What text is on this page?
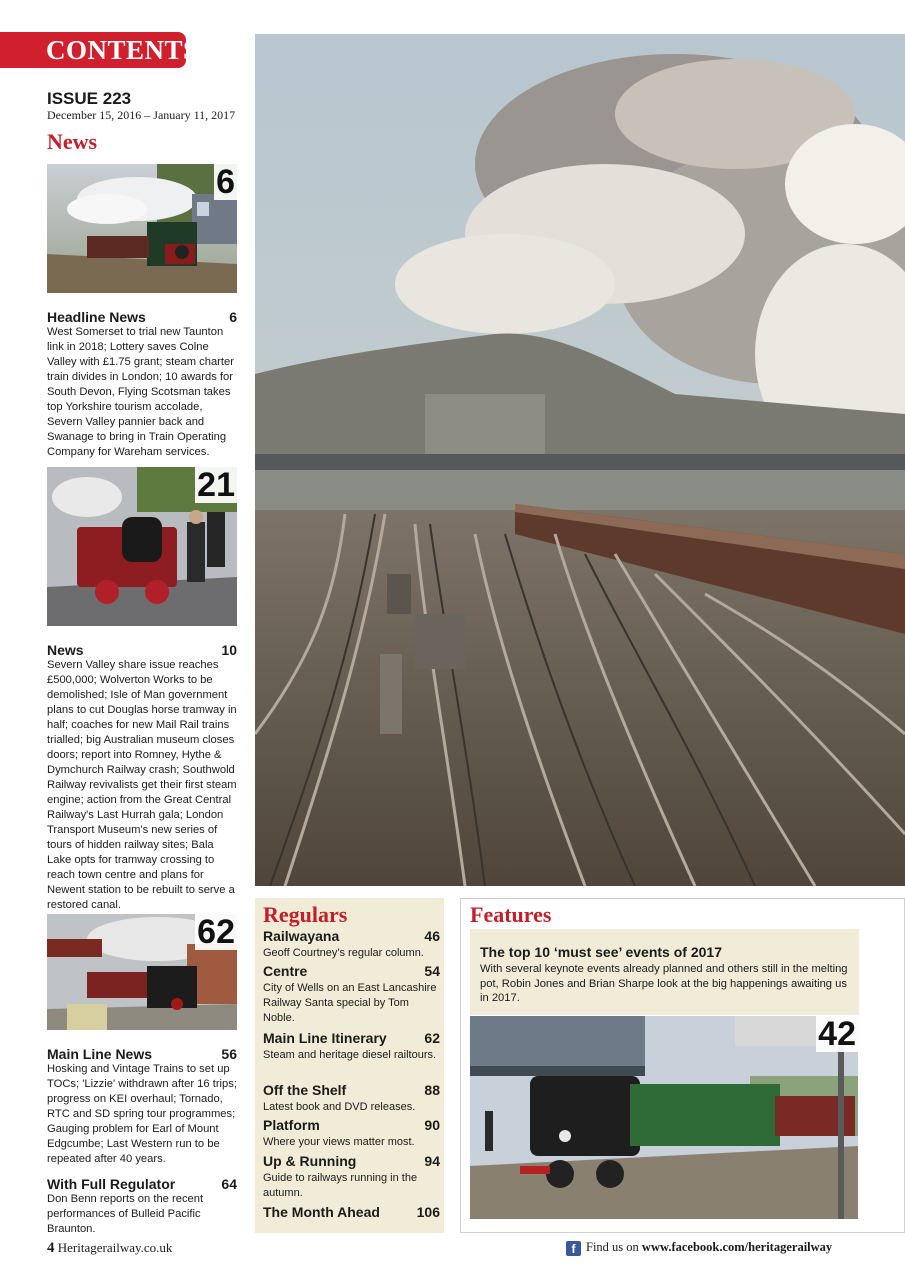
CONTENTS
ISSUE 223
December 15, 2016 – January 11, 2017
News
6
Headline News	6
West Somerset to trial new Taunton link in 2018; Lottery saves Colne Valley with £1.75 grant; steam charter train divides in London; 10 awards for South Devon, Flying Scotsman takes top Yorkshire tourism accolade, Severn Valley pannier back and Swanage to bring in Train Operating Company for Wareham services.
21
News	10
Severn Valley share issue reaches £500,000; Wolverton Works to be demolished; Isle of Man government plans to cut Douglas horse tramway in half; coaches for new Mail Rail trains trialled; big Australian museum closes doors; report into Romney, Hythe & Dymchurch Railway crash; Southwold Railway revivalists get their first steam engine; action from the Great Central Railway's Last Hurrah gala; London Transport Museum's new series of tours of hidden railway sites; Bala Lake opts for tramway crossing to reach town centre and plans for Newent station to be rebuilt to serve a restored canal.
62
Main Line News	56
Hosking and Vintage Trains to set up TOCs; 'Lizzie' withdrawn after 16 trips; progress on KEI overhaul; Tornado, RTC and SD spring tour programmes; Gauging problem for Earl of Mount Edgcumbe; Last Western run to be repeated after 40 years.
With Full Regulator	64
Don Benn reports on the recent performances of Bulleid Pacific Braunton.
Regulars
Railwayana	46
Geoff Courtney's regular column.
Centre	54
City of Wells on an East Lancashire Railway Santa special by Tom Noble.
Main Line Itinerary	62
Steam and heritage diesel railtours.
Off the Shelf	88
Latest book and DVD releases.
Platform	90
Where your views matter most.
Up & Running	94
Guide to railways running in the autumn.
The Month Ahead	106
Features
The top 10 ‘must see’ events of 2017
With several keynote events already planned and others still in the melting pot, Robin Jones and Brian Sharpe look at the big happenings awaiting us in 2017.
42
4 Heritagerailway.co.uk	f Find us on www.facebook.com/heritagerailway
